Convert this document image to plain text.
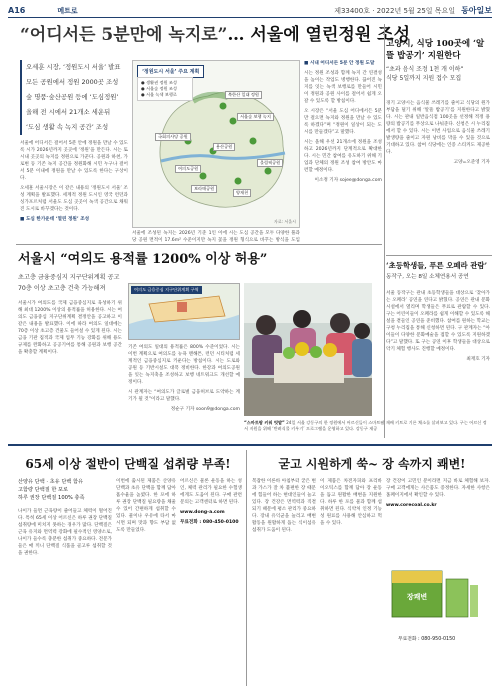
A16	메트로	제33400호 · 2022년 5월 25일 목요일 동아일보
“어디서든 5분만에 녹지로”… 서울에 열린정원 조성
오세훈 시장, ‘정원도시 서울’ 발표
모든 공원에서 정원 2000곳 조성
숲 명품·숲산공원 등에 ‘도심정원’
올해 전 시에서 21개소 세운뒤
‘도심 생활 속 녹지 공간’ 조성

서울에 어디서든 걸어서 5분 안에 정원을 만날 수 있도록 시가 2026년까지 곳곳에 ‘정원’을 만든다. 시는 또 시내 곳곳의 녹지를 정원으로 가꾼다. 공원과 하천, 가로변 등 기존 녹지 공간을 정원화해 시민 누구나 걸어서 5분 이내에 정원을 만날 수 있도록 한다는 구상이다.

오세훈 서울시장은 이 같은 내용의 ‘정원도시 서울’ 조성 계획을 발표했다. 세계적 정원 도시인 영국 런던과 싱가포르처럼 서울도 도심 곳곳이 녹색 공간으로 채워진 도시로 바꾸겠다는 것이다.

■ 도심 한가운데 ‘열린 정원’ 조성

‘정원도시 서울’ 주요 계획
● 생활권 정원 조성
● 서울숲 정원 조성
● 서울 녹색 보행로	북한산 일대 정원
서울숲 보행 녹지
국회의사당 공원
용산공원
여의도공원
보라매공원
양재천
올림픽공원
자료: 서울시

■ 시내 어디서든 5분 안 정원 도달

시는 정원 조성과 함께 녹지 간 연결성을 높이는 작업도 병행한다. 끊어진 녹지를 잇는 녹색 보행로를 만들어 시민이 정원과 공원 사이를 걸어서 쉽게 오갈 수 있도록 할 방침이다.

오 시장은 “서울 도심 어디에서든 5분만 걸으면 녹지와 정원을 만날 수 있도록 하겠다”며 “정원이 일상이 되는 도시를 만들겠다”고 말했다.

시는 올해 우선 21개소에 정원을 조성하고 2026년까지 단계적으로 확대한다. 시는 민간 참여를 유도하기 위해 기업과 단체의 정원 조성 참여 방안도 마련할 예정이다.

이소정 기자 sojee@donga.com

서울에 조성된 녹지는 2026년 기준 1인당 공원 면적이 17.6m² 수준이지만 녹지

이에 시는 도심 공간을 모두 다양한 풀과 꽃을 정원 형식으로 바꾸는 방식을 도입

고양시, 식당 100곳에 ‘알뜰 밥공기’ 지원한다
“초과 음식 조정 1천 개 이하”
식당 5일까지 지원 접수 모집

경기 고양시는 음식물 쓰레기를 줄이고 식당의 원가 부담을 덜기 위해 ‘알뜰 밥공기’를 지원한다고 밝혔다. 시는 관내 일반음식점 100곳을 선정해 적정 용량의 밥공기를 무상으로 나눠준다. 신청은 시 누리집에서 할 수 있다. 시는 이번 사업으로 음식물 쓰레기 발생량을 줄이고 자원 낭비를 막을 수 있을 것으로 기대하고 있다. 참여 식당에는 인증 스티커도 제공한다.

고양=오준영 기자

서울시 “여의도 용적률 1200% 이상 허용”
초고층 금융중심지 지구단위계획 공고
70층 이상 초고층 건축 가능해져	여의도 금융중심 지구단위계획 구역

서울시가 여의도를 국제 금융중심지로 육성하기 위해 최대 1200% 이상의 용적률을 허용한다. 시는 여의도 금융중심 지구단위계획 결정안을 공고하고 이 같은 내용을 발표했다. 이에 따라 여의도 일대에는 70층 이상 초고층 건물도 들어설 수 있게 된다. 시는 금융 기관 집적과 국제 업무 기능 강화를 위해 용도 규제를 완화하고 공공기여를 통해 공원과 보행 공간을 확충할 계획이다.

기존 여의도 일대의 용적률은 800% 수준이었다. 시는 이번 계획으로 여의도를 뉴욕 맨해튼, 런던 시티처럼 세계적인 금융중심지로 키운다는 방침이다. 시는 도로와 공원 등 기반시설도 대폭 정비한다. 한강과 여의도공원을 잇는 녹지축을 조성하고 보행 네트워크도 개선할 예정이다.

시 관계자는 “여의도가 글로벌 금융허브로 도약하는 계기가 될 것”이라고 말했다.

정순구 기자 soon9@donga.com

“스마트팜 키워 텃밭” 24일 서울 강동구의 한 정원에서 어르신들이 스마트팜 재배 키트로 기른 채소를 살펴보고 있다. 구는 어르신 정서 지원을 위해 ‘반려식물 키우기’ 프로그램을 운영하고 있다. 강동구 제공
‘초등학생들, 푸른 오페라 관람’
동작구, 오는 8일 소체연용서 공연

서울 동작구는 관내 초등학생들을 대상으로 ‘찾아가는 오페라’ 공연을 연다고 밝혔다. 공연은 관내 문화시설에서 열리며 학생들은 무료로 관람할 수 있다. 구는 어린이들이 오페라를 쉽게 이해할 수 있도록 해설을 곁들인 공연을 준비했다. 참여를 원하는 학교는 구청 누리집을 통해 신청하면 된다. 구 관계자는 “아이들이 다양한 문화예술을 접할 수 있도록 지원하겠다”고 말했다. 또 구는 공연 이후 학생들을 대상으로 악기 체험 행사도 진행할 예정이다.

최재호 기자

65세 이상 절반이 단백질 섭취량 부족!
산양유 단백 · 초유 단백 함유
고함량 단백질 한 포로
하루 권장 단백질 100% 충족

나이가 들면 근육량이 줄어들고 체력이 떨어진다. 특히 65세 이상 어르신은 하루 권장 단백질 섭취량에 미치지 못하는 경우가 많다. 단백질은 근육 유지와 면역력 강화에 필수적인 영양소로, 나이가 들수록 충분한 섭취가 중요하다. 전문가들은 매 끼니 단백질 식품을 골고루 섭취할 것을 권한다.

이번에 출시된 제품은 산양유 단백과 초유 단백을 함께 담아 흡수율을 높였다. 한 포에 하루 권장 단백질 필요량을 채울 수 있어 간편하게 섭취할 수 있다. 물이나 우유에 타서 마시면 되며 맛과 향도 부담 없도록 만들었다.

어르신은 물론 운동을 하는 성인, 체력 관리가 필요한 수험생에게도 도움이 된다. 구매 관련 문의는 고객센터로 하면 된다.

www.dong-a.com

무료전화 : 080-450-0100

굳고 시원하게 쑥~ 장 속까지 쾌변!

복잡한 이른바 아침부터 굳은 변과 가스가 잘 차 불편한 장 때문에 힘들어 하는 현대인들이 늘고 있다. 장 건강은 면역력과 직결되기 때문에 평소 관리가 중요하다. 장내 유익균을 늘리고 배변 활동을 원활하게 돕는 식이섬유 섭취가 도움이 된다.

이 제품은 차전자피와 프리바이오틱스를 함께 담아 장 운동을 돕고 원활한 배변을 지원한다. 하루 한 포를 물과 함께 섭취하면 된다. 식약처 인정 기능성 원료를 사용해 안심하고 먹을 수 있다.

장 건강이 고민인 분이라면 지금 바로 체험해 보자. 구매 고객에게는 사은품도 증정한다. 자세한 사항은 홈페이지에서 확인할 수 있다.

www.corecoal.co.kr

장쾌변
무료전화 : 080-950-0150
